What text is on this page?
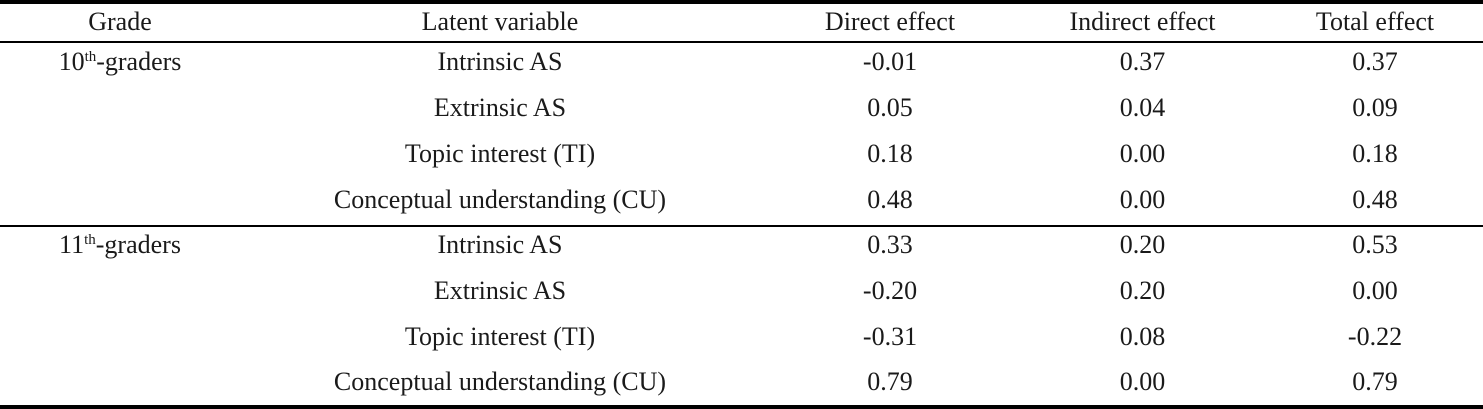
Grade	Latent variable	Direct effect	Indirect effect	Total effect
10th-graders	Intrinsic AS	-0.01	0.37	0.37
Extrinsic AS	0.05	0.04	0.09
Topic interest (TI)	0.18	0.00	0.18
Conceptual understanding (CU)	0.48	0.00	0.48
11th-graders	Intrinsic AS	0.33	0.20	0.53
Extrinsic AS	-0.20	0.20	0.00
Topic interest (TI)	-0.31	0.08	-0.22
Conceptual understanding (CU)	0.79	0.00	0.79
